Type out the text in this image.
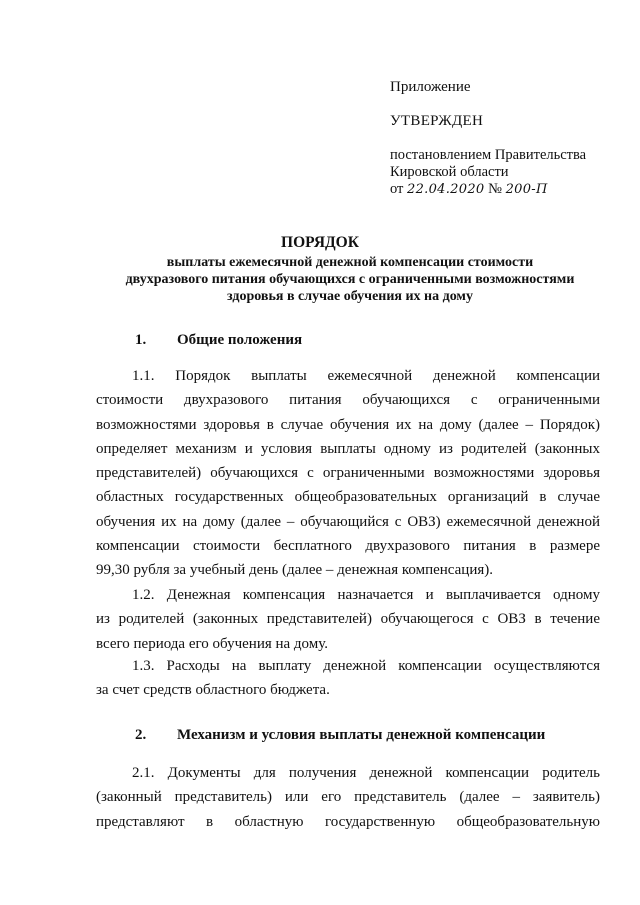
Приложение
УТВЕРЖДЕН
постановлением Правительства
Кировской области
от 22.04.2020 № 200-П
ПОРЯДОК
выплаты ежемесячной денежной компенсации стоимости
двухразового питания обучающихся с ограниченными возможностями
здоровья в случае обучения их на дому
1. Общие положения
1.1. Порядок выплаты ежемесячной денежной компенсации
стоимости двухразового питания обучающихся с ограниченными
возможностями здоровья в случае обучения их на дому (далее – Порядок)
определяет механизм и условия выплаты одному из родителей (законных
представителей) обучающихся с ограниченными возможностями здоровья
областных государственных общеобразовательных организаций в случае
обучения их на дому (далее – обучающийся с ОВЗ) ежемесячной денежной
компенсации стоимости бесплатного двухразового питания в размере
99,30 рубля за учебный день (далее – денежная компенсация).
1.2. Денежная компенсация назначается и выплачивается одному
из родителей (законных представителей) обучающегося с ОВЗ в течение
всего периода его обучения на дому.
1.3. Расходы на выплату денежной компенсации осуществляются
за счет средств областного бюджета.
2. Механизм и условия выплаты денежной компенсации
2.1. Документы для получения денежной компенсации родитель
(законный представитель) или его представитель (далее – заявитель)
представляют в областную государственную общеобразовательную
